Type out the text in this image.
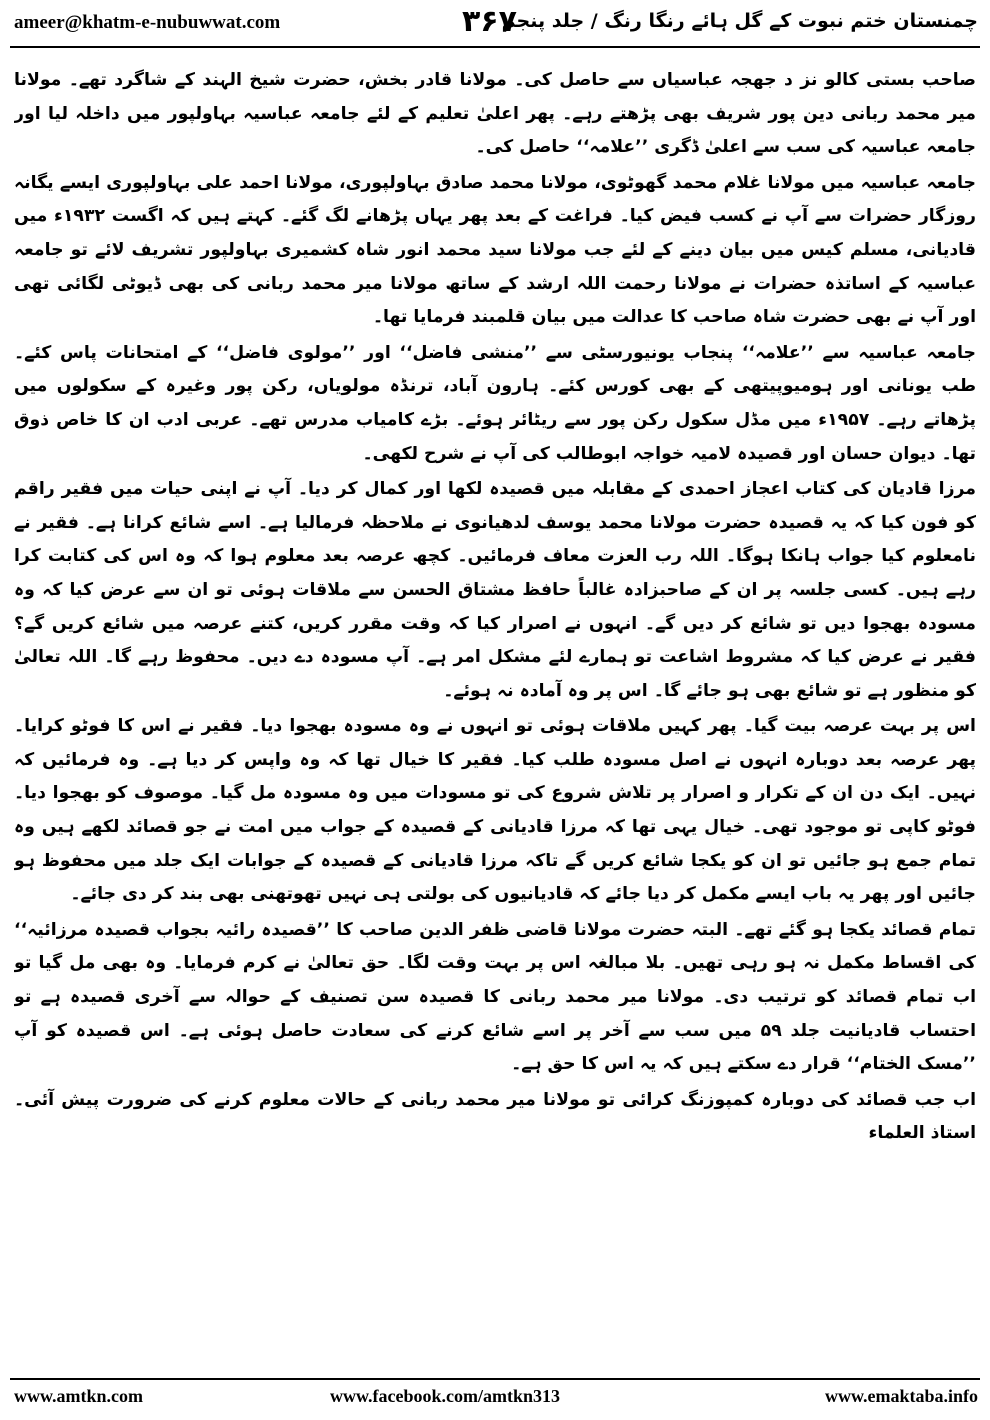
ameer@khatm-e-nubuwwat.com	۳۶۷
چمنستان ختم نبوت کے گل ہائے رنگا رنگ / جلد پنجم

صاحب بستی کالو نز د جھجہ عباسیاں سے حاصل کی۔ مولانا قادر بخش، حضرت شیخ الہند کے شاگرد تھے۔ مولانا میر محمد ربانی دین پور شریف بھی پڑھتے رہے۔ پھر اعلیٰ تعلیم کے لئے جامعہ عباسیہ بہاولپور میں داخلہ لیا اور جامعہ عباسیہ کی سب سے اعلیٰ ڈگری ’’علامہ‘‘ حاصل کی۔

جامعہ عباسیہ میں مولانا غلام محمد گھوٹوی، مولانا محمد صادق بہاولپوری، مولانا احمد علی بہاولپوری ایسے یگانہ روزگار حضرات سے آپ نے کسب فیض کیا۔ فراغت کے بعد پھر یہاں پڑھانے لگ گئے۔ کہتے ہیں کہ اگست ۱۹۳۲ء میں قادیانی، مسلم کیس میں بیان دینے کے لئے جب مولانا سید محمد انور شاہ کشمیری بہاولپور تشریف لائے تو جامعہ عباسیہ کے اساتذہ حضرات نے مولانا رحمت اللہ ارشد کے ساتھ مولانا میر محمد ربانی کی بھی ڈیوٹی لگائی تھی اور آپ نے بھی حضرت شاہ صاحب کا عدالت میں بیان قلمبند فرمایا تھا۔

جامعہ عباسیہ سے ’’علامہ‘‘ پنجاب یونیورسٹی سے ’’منشی فاضل‘‘ اور ’’مولوی فاضل‘‘ کے امتحانات پاس کئے۔ طب یونانی اور ہومیوپیتھی کے بھی کورس کئے۔ ہارون آباد، ترنڈہ مولویاں، رکن پور وغیرہ کے سکولوں میں پڑھاتے رہے۔ ۱۹۵۷ء میں مڈل سکول رکن پور سے ریٹائر ہوئے۔ بڑے کامیاب مدرس تھے۔ عربی ادب ان کا خاص ذوق تھا۔ دیوان حسان اور قصیدہ لامیہ خواجہ ابوطالب کی آپ نے شرح لکھی۔

مرزا قادیان کی کتاب اعجاز احمدی کے مقابلہ میں قصیدہ لکھا اور کمال کر دیا۔ آپ نے اپنی حیات میں فقیر راقم کو فون کیا کہ یہ قصیدہ حضرت مولانا محمد یوسف لدھیانوی نے ملاحظہ فرمالیا ہے۔ اسے شائع کرانا ہے۔ فقیر نے نامعلوم کیا جواب ہانکا ہوگا۔ اللہ رب العزت معاف فرمائیں۔ کچھ عرصہ بعد معلوم ہوا کہ وہ اس کی کتابت کرا رہے ہیں۔ کسی جلسہ پر ان کے صاحبزادہ غالباً حافظ مشتاق الحسن سے ملاقات ہوئی تو ان سے عرض کیا کہ وہ مسودہ بھجوا دیں تو شائع کر دیں گے۔ انہوں نے اصرار کیا کہ وقت مقرر کریں، کتنے عرصہ میں شائع کریں گے؟ فقیر نے عرض کیا کہ مشروط اشاعت تو ہمارے لئے مشکل امر ہے۔ آپ مسودہ دے دیں۔ محفوظ رہے گا۔ اللہ تعالیٰ کو منظور ہے تو شائع بھی ہو جائے گا۔ اس پر وہ آمادہ نہ ہوئے۔

اس پر بہت عرصہ بیت گیا۔ پھر کہیں ملاقات ہوئی تو انہوں نے وہ مسودہ بھجوا دیا۔ فقیر نے اس کا فوٹو کرایا۔ پھر عرصہ بعد دوبارہ انہوں نے اصل مسودہ طلب کیا۔ فقیر کا خیال تھا کہ وہ واپس کر دیا ہے۔ وہ فرمائیں کہ نہیں۔ ایک دن ان کے تکرار و اصرار پر تلاش شروع کی تو مسودات میں وہ مسودہ مل گیا۔ موصوف کو بھجوا دیا۔ فوٹو کاپی تو موجود تھی۔ خیال یہی تھا کہ مرزا قادیانی کے قصیدہ کے جواب میں امت نے جو قصائد لکھے ہیں وہ تمام جمع ہو جائیں تو ان کو یکجا شائع کریں گے تاکہ مرزا قادیانی کے قصیدہ کے جوابات ایک جلد میں محفوظ ہو جائیں اور پھر یہ باب ایسے مکمل کر دیا جائے کہ قادیانیوں کی بولتی ہی نہیں تھوتھنی بھی بند کر دی جائے۔

تمام قصائد یکجا ہو گئے تھے۔ البتہ حضرت مولانا قاضی ظفر الدین صاحب کا ’’قصیدہ رائیہ بجواب قصیدہ مرزائیہ‘‘ کی اقساط مکمل نہ ہو رہی تھیں۔ بلا مبالغہ اس پر بہت وقت لگا۔ حق تعالیٰ نے کرم فرمایا۔ وہ بھی مل گیا تو اب تمام قصائد کو ترتیب دی۔ مولانا میر محمد ربانی کا قصیدہ سن تصنیف کے حوالہ سے آخری قصیدہ ہے تو احتساب قادیانیت جلد ۵۹ میں سب سے آخر پر اسے شائع کرنے کی سعادت حاصل ہوئی ہے۔ اس قصیدہ کو آپ ’’مسک الختام‘‘ قرار دے سکتے ہیں کہ یہ اس کا حق ہے۔

اب جب قصائد کی دوبارہ کمپوزنگ کرائی تو مولانا میر محمد ربانی کے حالات معلوم کرنے کی ضرورت پیش آئی۔ استاذ العلماء

www.amtkn.com	www.facebook.com/amtkn313	www.emaktaba.info
